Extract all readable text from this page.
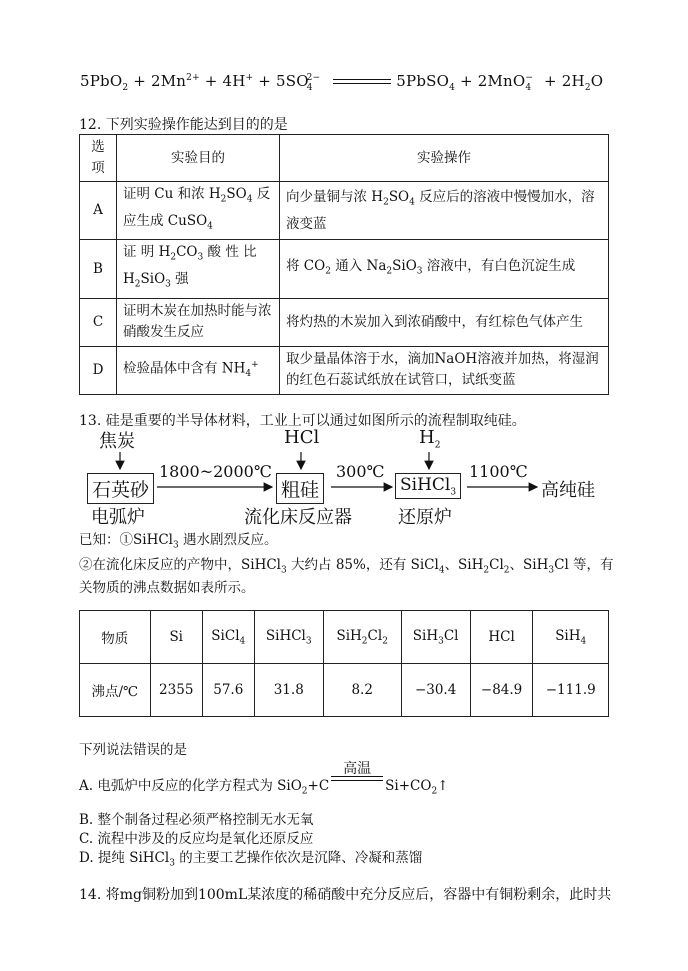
$5PbO_2 + 2Mn^{2+} + 4H^+ + 5SO_4^{2-}$	5PbSO$_4$ + $2MnO_4^- + 2H_2O$
12. 下列实验操作能达到目的的是
选
项	实验目的	实验操作
A	证明 Cu 和浓 $H_2SO_4$ 反应生成 CuSO$_4$	向少量铜与浓 $H_2SO_4$ 反应后的溶液中慢慢加水，溶液变蓝
B	证 明 $H_2CO_3$ 酸 性 比 $H_2SiO_3$ 强	将 $CO_2$ 通入 $Na_2SiO_3$ 溶液中，有白色沉淀生成
C	证明木炭在加热时能与浓硝酸发生反应	将灼热的木炭加入到浓硝酸中，有红棕色气体产生
D	检验晶体中含有 $NH_4^+$	取少量晶体溶于水，滴加NaOH溶液并加热，将湿润的红色石蕊试纸放在试管口，试纸变蓝
13. 硅是重要的半导体材料，工业上可以通过如图所示的流程制取纯硅。
焦炭	HCl	$H_2$
石英砂	粗硅	SiHCl$_3$
1800~2000℃	300℃	1100℃
高纯硅
电弧炉	流化床反应器	还原炉
已知：①SiHCl$_3$ 遇水剧烈反应。
②在流化床反应的产物中，SiHCl$_3$ 大约占 85%，还有 SiCl$_4$、$SiH_2Cl_2$、SiH$_3$Cl 等，有
关物质的沸点数据如表所示。
物质	Si	SiCl$_4$	SiHCl$_3$	$SiH_2Cl_2$	SiH$_3$Cl	HCl	SiH$_4$
沸点/℃	2355	57.6	31.8	8.2	−30.4	−84.9	−111.9
下列说法错误的是
A. 电弧炉中反应的化学方程式为 SiO$_2$+C
高温
$Si+CO_2↑$
B. 整个制备过程必须严格控制无水无氧
C. 流程中涉及的反应均是氧化还原反应
D. 提纯 SiHCl$_3$ 的主要工艺操作依次是沉降、冷凝和蒸馏
14. 将mg铜粉加到100mL某浓度的稀硝酸中充分反应后，容器中有铜粉剩余，此时共
